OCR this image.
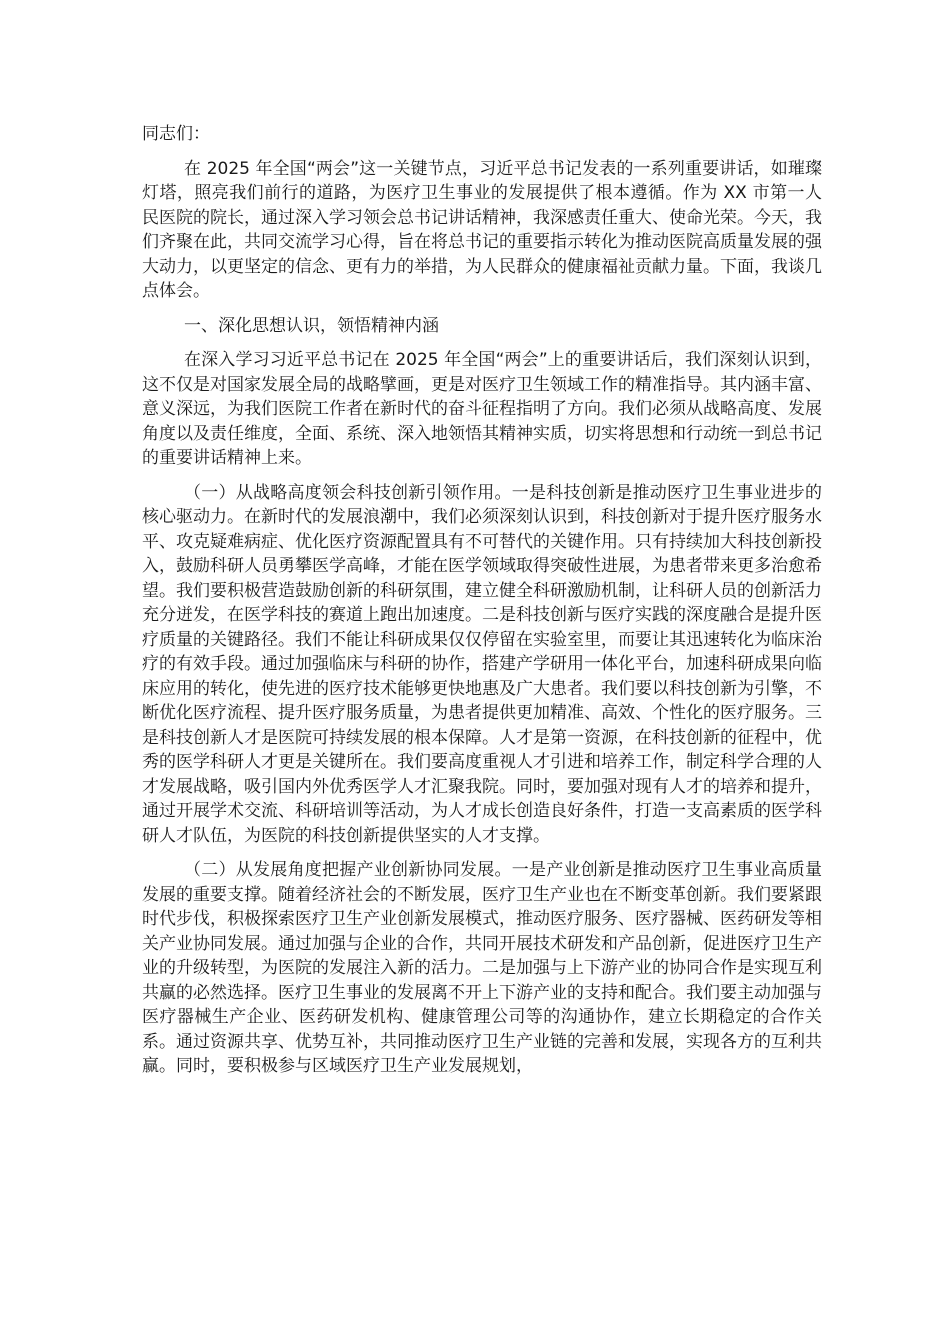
同志们：

在 2025 年全国“两会”这一关键节点，习近平总书记发表的一系列重要讲话，如璀璨灯塔，照亮我们前行的道路，为医疗卫生事业的发展提供了根本遵循。作为 XX 市第一人民医院的院长，通过深入学习领会总书记讲话精神，我深感责任重大、使命光荣。今天，我们齐聚在此，共同交流学习心得，旨在将总书记的重要指示转化为推动医院高质量发展的强大动力，以更坚定的信念、更有力的举措，为人民群众的健康福祉贡献力量。下面，我谈几点体会。

一、深化思想认识，领悟精神内涵

在深入学习习近平总书记在 2025 年全国“两会”上的重要讲话后，我们深刻认识到，这不仅是对国家发展全局的战略擘画，更是对医疗卫生领域工作的精准指导。其内涵丰富、意义深远，为我们医院工作者在新时代的奋斗征程指明了方向。我们必须从战略高度、发展角度以及责任维度，全面、系统、深入地领悟其精神实质，切实将思想和行动统一到总书记的重要讲话精神上来。

（一）从战略高度领会科技创新引领作用。一是科技创新是推动医疗卫生事业进步的核心驱动力。在新时代的发展浪潮中，我们必须深刻认识到，科技创新对于提升医疗服务水平、攻克疑难病症、优化医疗资源配置具有不可替代的关键作用。只有持续加大科技创新投入，鼓励科研人员勇攀医学高峰，才能在医学领域取得突破性进展，为患者带来更多治愈希望。我们要积极营造鼓励创新的科研氛围，建立健全科研激励机制，让科研人员的创新活力充分迸发，在医学科技的赛道上跑出加速度。二是科技创新与医疗实践的深度融合是提升医疗质量的关键路径。我们不能让科研成果仅仅停留在实验室里，而要让其迅速转化为临床治疗的有效手段。通过加强临床与科研的协作，搭建产学研用一体化平台，加速科研成果向临床应用的转化，使先进的医疗技术能够更快地惠及广大患者。我们要以科技创新为引擎，不断优化医疗流程、提升医疗服务质量，为患者提供更加精准、高效、个性化的医疗服务。三是科技创新人才是医院可持续发展的根本保障。人才是第一资源，在科技创新的征程中，优秀的医学科研人才更是关键所在。我们要高度重视人才引进和培养工作，制定科学合理的人才发展战略，吸引国内外优秀医学人才汇聚我院。同时，要加强对现有人才的培养和提升，通过开展学术交流、科研培训等活动，为人才成长创造良好条件，打造一支高素质的医学科研人才队伍，为医院的科技创新提供坚实的人才支撑。

（二）从发展角度把握产业创新协同发展。一是产业创新是推动医疗卫生事业高质量发展的重要支撑。随着经济社会的不断发展，医疗卫生产业也在不断变革创新。我们要紧跟时代步伐，积极探索医疗卫生产业创新发展模式，推动医疗服务、医疗器械、医药研发等相关产业协同发展。通过加强与企业的合作，共同开展技术研发和产品创新，促进医疗卫生产业的升级转型，为医院的发展注入新的活力。二是加强与上下游产业的协同合作是实现互利共赢的必然选择。医疗卫生事业的发展离不开上下游产业的支持和配合。我们要主动加强与医疗器械生产企业、医药研发机构、健康管理公司等的沟通协作，建立长期稳定的合作关系。通过资源共享、优势互补，共同推动医疗卫生产业链的完善和发展，实现各方的互利共赢。同时，要积极参与区域医疗卫生产业发展规划，
